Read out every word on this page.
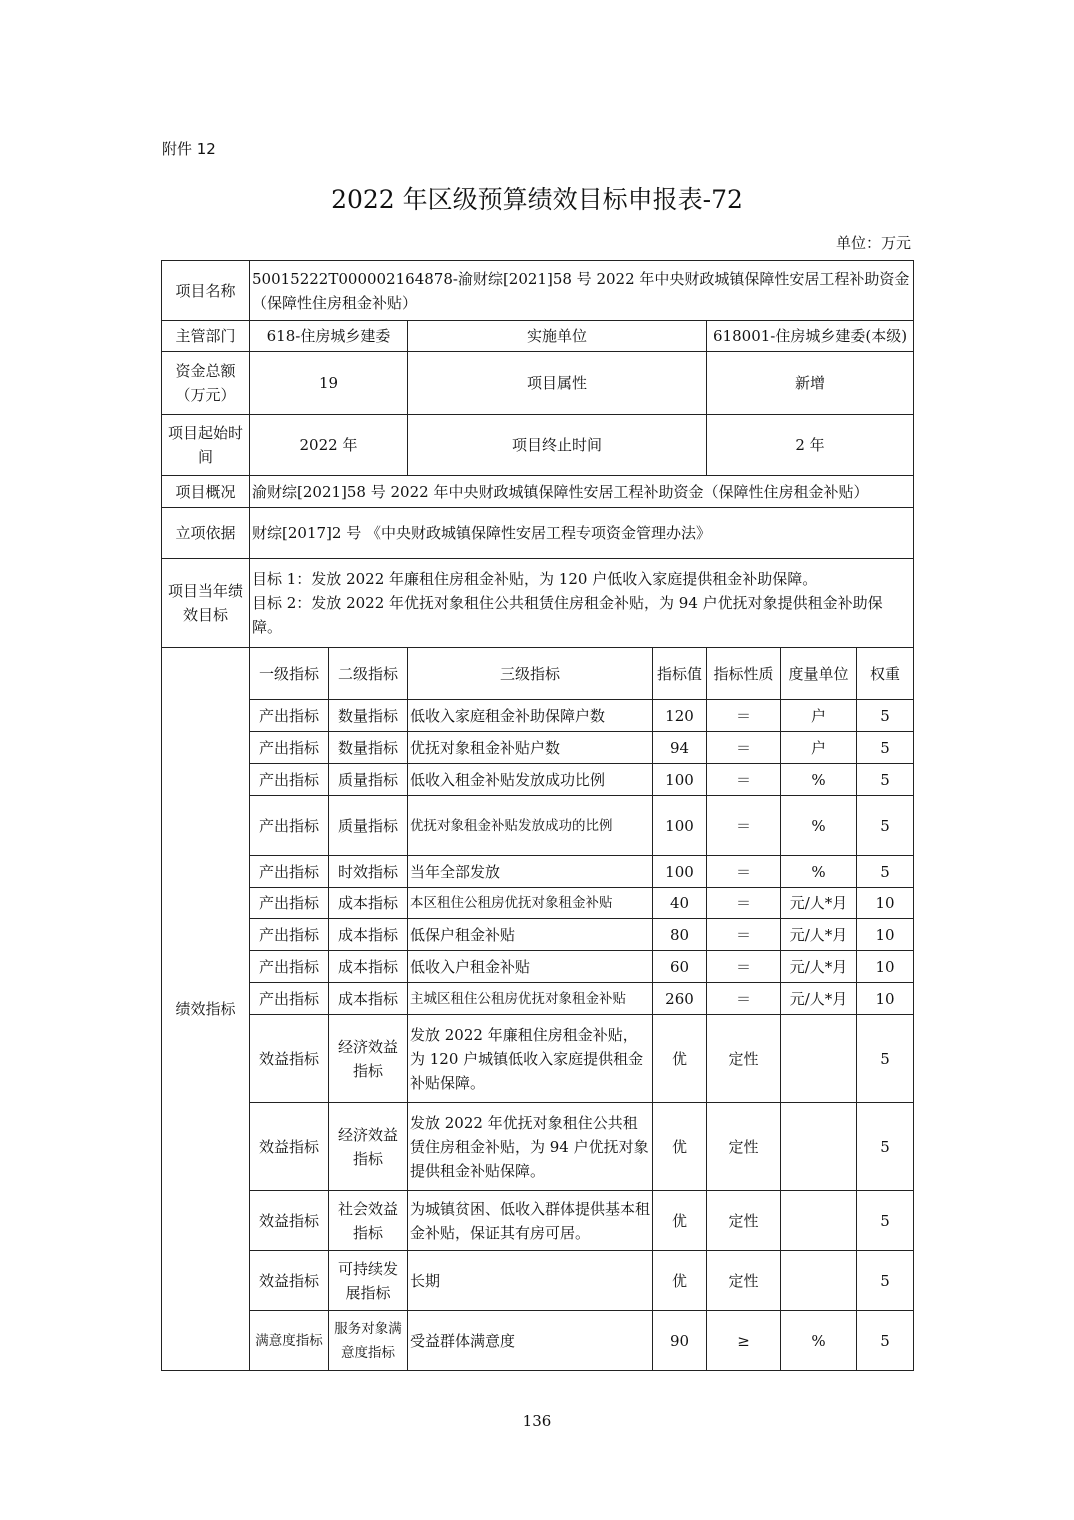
附件 12
2022 年区级预算绩效目标申报表-72
单位：万元
项目名称	50015222T000002164878-渝财综[2021]58 号 2022 年中央财政城镇保障性安居工程补助资金（保障性住房租金补贴）						
主管部门	618-住房城乡建委		实施单位		618001-住房城乡建委(本级)		
资金总额（万元）	19		项目属性		新增		
项目起始时间	2022 年		项目终止时间		2 年		
项目概况	渝财综[2021]58 号 2022 年中央财政城镇保障性安居工程补助资金（保障性住房租金补贴）						
立项依据	财综[2017]2 号 《中央财政城镇保障性安居工程专项资金管理办法》						
项目当年绩效目标	目标 1：发放 2022 年廉租住房租金补贴，为 120 户低收入家庭提供租金补助保障。
目标 2：发放 2022 年优抚对象租住公共租赁住房租金补贴，为 94 户优抚对象提供租金补助保障。						

绩效指标	一级指标	二级指标	三级指标	指标值	指标性质	度量单位	权重
	产出指标	数量指标	低收入家庭租金补助保障户数	120	＝	户	5
	产出指标	数量指标	优抚对象租金补贴户数	94	＝	户	5
	产出指标	质量指标	低收入租金补贴发放成功比例	100	＝	%	5
	产出指标	质量指标	优抚对象租金补贴发放成功的比例	100	＝	%	5
	产出指标	时效指标	当年全部发放	100	＝	%	5
	产出指标	成本指标	本区租住公租房优抚对象租金补贴	40	＝	元/人*月	10
	产出指标	成本指标	低保户租金补贴	80	＝	元/人*月	10
	产出指标	成本指标	低收入户租金补贴	60	＝	元/人*月	10
	产出指标	成本指标	主城区租住公租房优抚对象租金补贴	260	＝	元/人*月	10
	效益指标	经济效益指标	发放 2022 年廉租住房租金补贴，为 120 户城镇低收入家庭提供租金补贴保障。	优	定性		5
	效益指标	经济效益指标	发放 2022 年优抚对象租住公共租赁住房租金补贴，为 94 户优抚对象提供租金补贴保障。	优	定性		5
	效益指标	社会效益指标	为城镇贫困、低收入群体提供基本租金补贴，保证其有房可居。	优	定性		5
	效益指标	可持续发展指标	长期	优	定性		5
	满意度指标	服务对象满意度指标	受益群体满意度	90	≥	%	5
136
